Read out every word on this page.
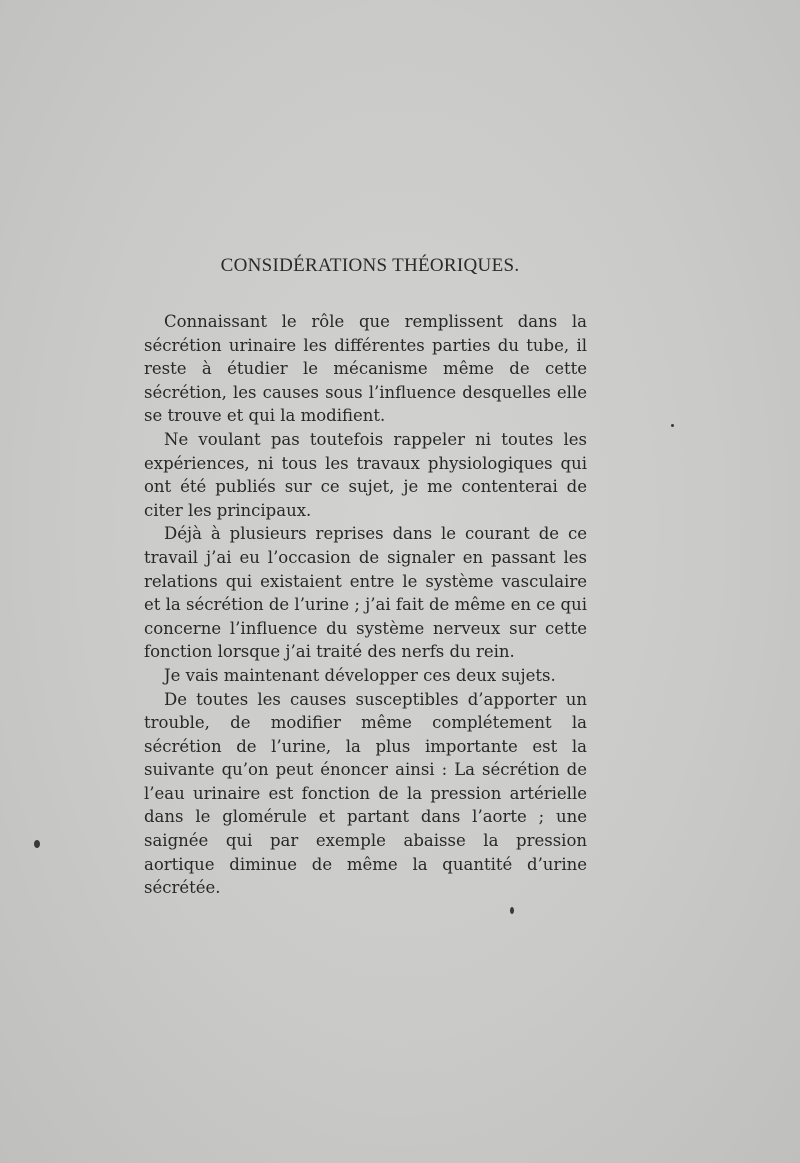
CONSIDÉRATIONS THÉORIQUES.

Connaissant le rôle que remplissent dans la sécrétion urinaire les différentes parties du tube, il reste à étudier le mécanisme même de cette sécrétion, les causes sous l’influence desquelles elle se trouve et qui la modifient.

Ne voulant pas toutefois rappeler ni toutes les expériences, ni tous les travaux physiologiques qui ont été publiés sur ce sujet, je me contenterai de citer les principaux.

Déjà à plusieurs reprises dans le courant de ce travail j’ai eu l’occasion de signaler en passant les relations qui existaient entre le système vasculaire et la sécrétion de l’urine ; j’ai fait de même en ce qui concerne l’influence du système nerveux sur cette fonction lorsque j’ai traité des nerfs du rein.

Je vais maintenant développer ces deux sujets.

De toutes les causes susceptibles d’apporter un trouble, de modifier même complétement la sécrétion de l’urine, la plus importante est la suivante qu’on peut énoncer ainsi : La sécrétion de l’eau urinaire est fonction de la pression artérielle dans le glomérule et partant dans l’aorte ; une saignée qui par exemple abaisse la pression aortique diminue de même la quantité d’urine sécrétée.
